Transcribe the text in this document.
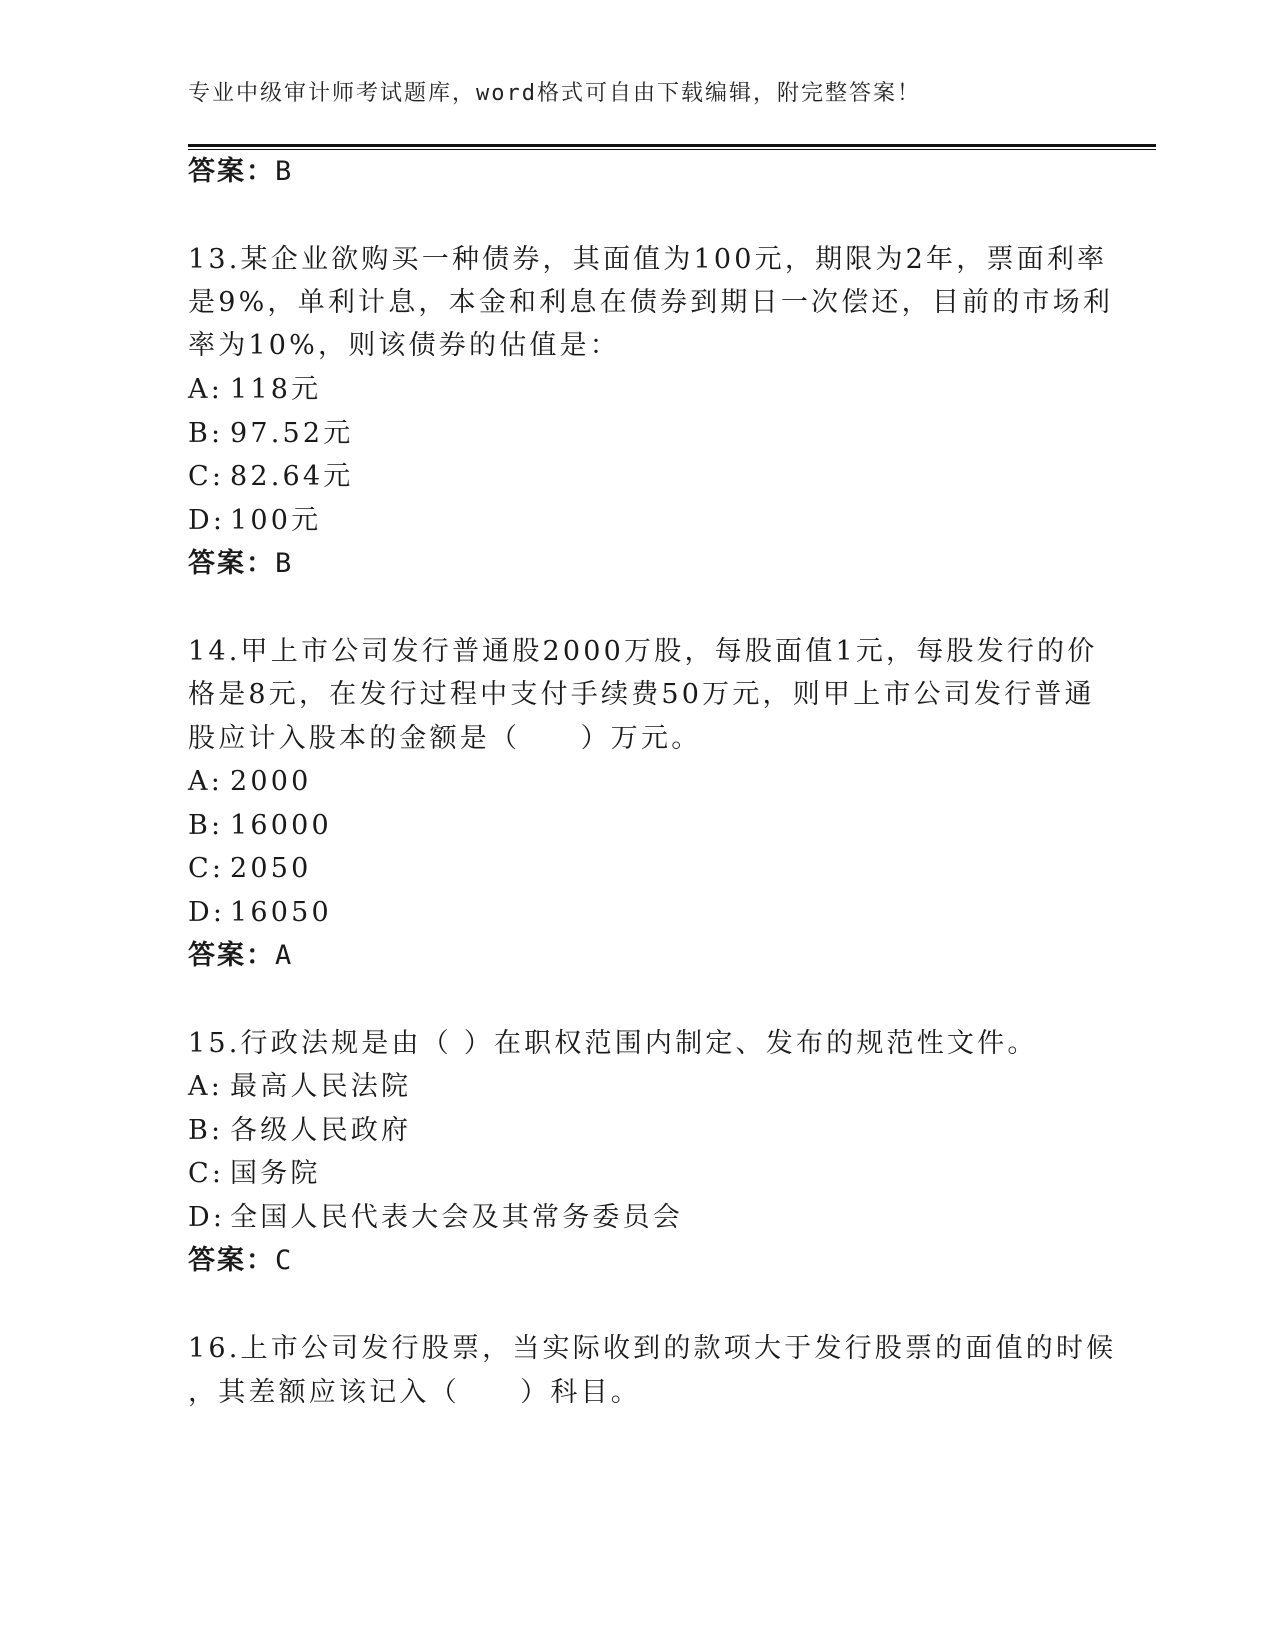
专业中级审计师考试题库，word格式可自由下载编辑，附完整答案！
答案：B
13.某企业欲购买一种债券，其面值为100元，期限为2年，票面利率
是9%，单利计息，本金和利息在债券到期日一次偿还，目前的市场利
率为10%，则该债券的估值是：
A: 118元
B: 97.52元
C: 82.64元
D: 100元
答案：B
14.甲上市公司发行普通股2000万股，每股面值1元，每股发行的价
格是8元，在发行过程中支付手续费50万元，则甲上市公司发行普通
股应计入股本的金额是（　　）万元。
A: 2000
B: 16000
C: 2050
D: 16050
答案：A
15.行政法规是由（ ）在职权范围内制定、发布的规范性文件。
A: 最高人民法院
B: 各级人民政府
C: 国务院
D: 全国人民代表大会及其常务委员会
答案：C
16.上市公司发行股票，当实际收到的款项大于发行股票的面值的时候
，其差额应该记入（　　）科目。
